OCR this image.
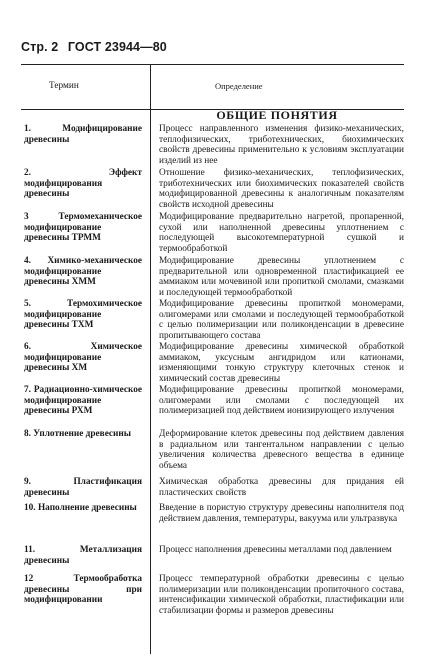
Стр. 2 ГОСТ 23944—80
Термин	Определение
ОБЩИЕ ПОНЯТИЯ
1. Модифицирование древесины
Процесс направленного изменения физико-механических, теплофизических, триботехнических, биохимических свойств древесины применительно к условиям эксплуатации изделий из нее
2. Эффект модифицирования древесины
Отношение физико-механических, теплофизических, триботехнических или биохимических показателей свойств модифицированной древесины к аналогичным показателям свойств исходной древесины
3 Термомеханическое модифицирование древесины ТРММ
Модифицирование предварительно нагретой, пропаренной, сухой или наполненной древесины уплотнением с последующей высокотемпературной сушкой и термообработкой
4. Химико-механическое модифицирование древесины ХММ
Модифицирование древесины уплотнением с предварительной или одновременной пластификацией ее аммиаком или мочевиной или пропиткой смолами, смазками и последующей термообработкой
5. Термохимическое модифицирование древесины ТХМ
Модифицирование древесины пропиткой мономерами, олигомерами или смолами и последующей термообработкой с целью полимеризации или поликонденсации в древесине пропитывающего состава
6. Химическое модифицирование древесины ХМ
Модифицирование древесины химической обработкой аммиаком, уксусным ангидридом или катионами, изменяющими тонкую структуру клеточных стенок и химический состав древесины
7. Радиационно-химическое модифицирование древесины РХМ
Модифицирование древесины пропиткой мономерами, олигомерами или смолами с последующей их полимеризацией под действием ионизирующего излучения
8. Уплотнение древесины	Деформирование клеток древесины под действием давления в радиальном или тангентальном направлении с целью увеличения количества древесного вещества в единице объема
9. Пластификация древесины
Химическая обработка древесины для придания ей пластических свойств
10. Наполнение древесины	Введение в пористую структуру древесины наполнителя под действием давления, температуры, вакуума или ультразвука
11. Металлизация древесины
Процесс наполнения древесины металлами под давлением
12 Термообработка древесины при модифицировании
Процесс температурной обработки древесины с целью полимеризации или поликонденсации пропиточного состава, интенсификации химической обработки, пластификации или стабилизации формы и размеров древесины
